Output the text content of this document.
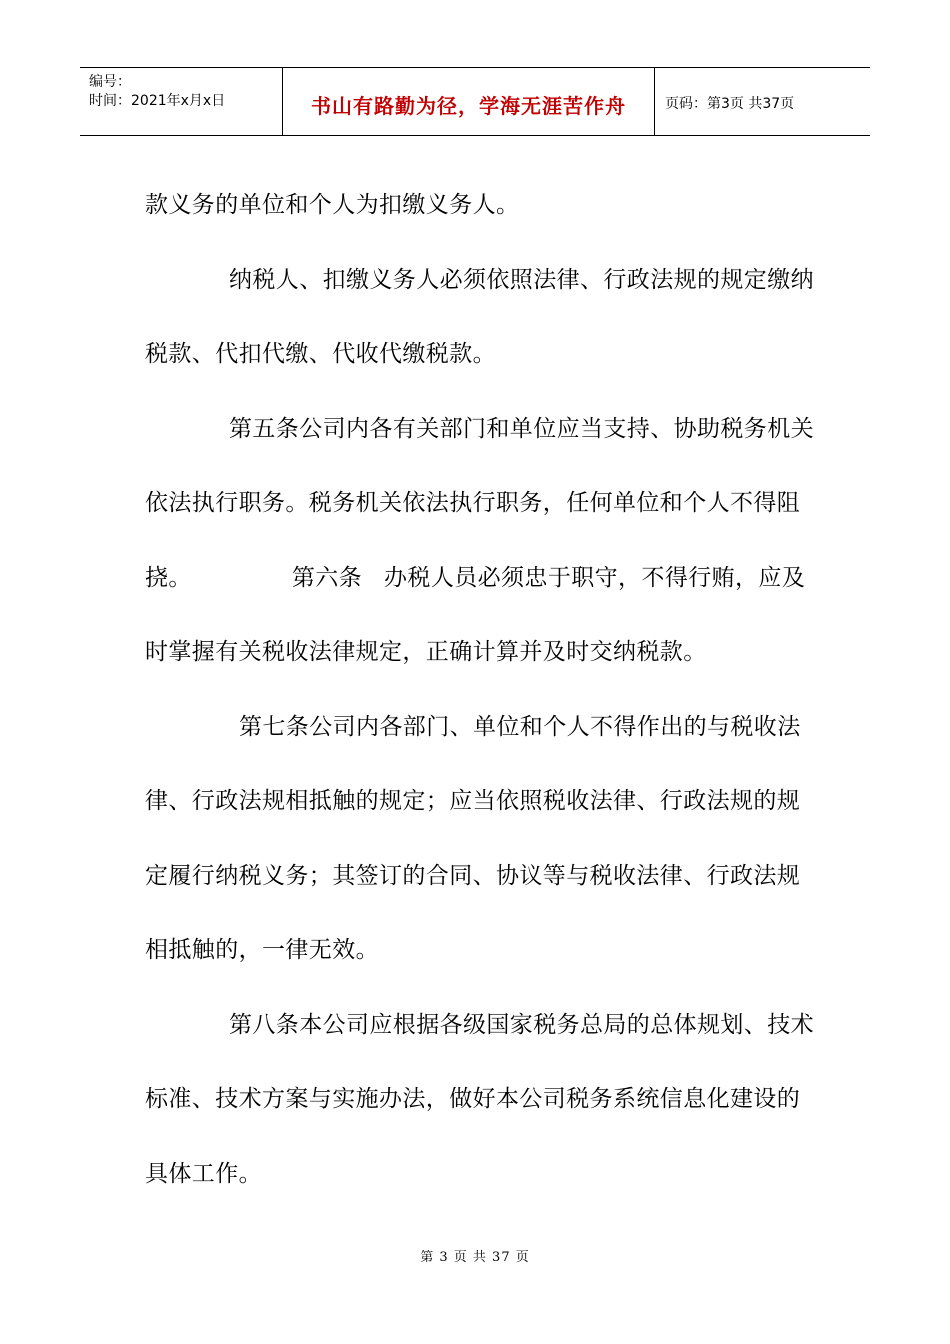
编号：
时间：2021年x月x日	书山有路勤为径，学海无涯苦作舟	页码：第3页 共37页

款义务的单位和个人为扣缴义务人。

纳税人、扣缴义务人必须依照法律、行政法规的规定缴纳税款、代扣代缴、代收代缴税款。

第五条公司内各有关部门和单位应当支持、协助税务机关依法执行职务。税务机关依法执行职务，任何单位和个人不得阻挠。	第六条 办税人员必须忠于职守，不得行贿，应及时掌握有关税收法律规定，正确计算并及时交纳税款。

第七条公司内各部门、单位和个人不得作出的与税收法律、行政法规相抵触的规定；应当依照税收法律、行政法规的规定履行纳税义务；其签订的合同、协议等与税收法律、行政法规相抵触的，一律无效。

第八条本公司应根据各级国家税务总局的总体规划、技术标准、技术方案与实施办法，做好本公司税务系统信息化建设的具体工作。

第 3 页 共 37 页
